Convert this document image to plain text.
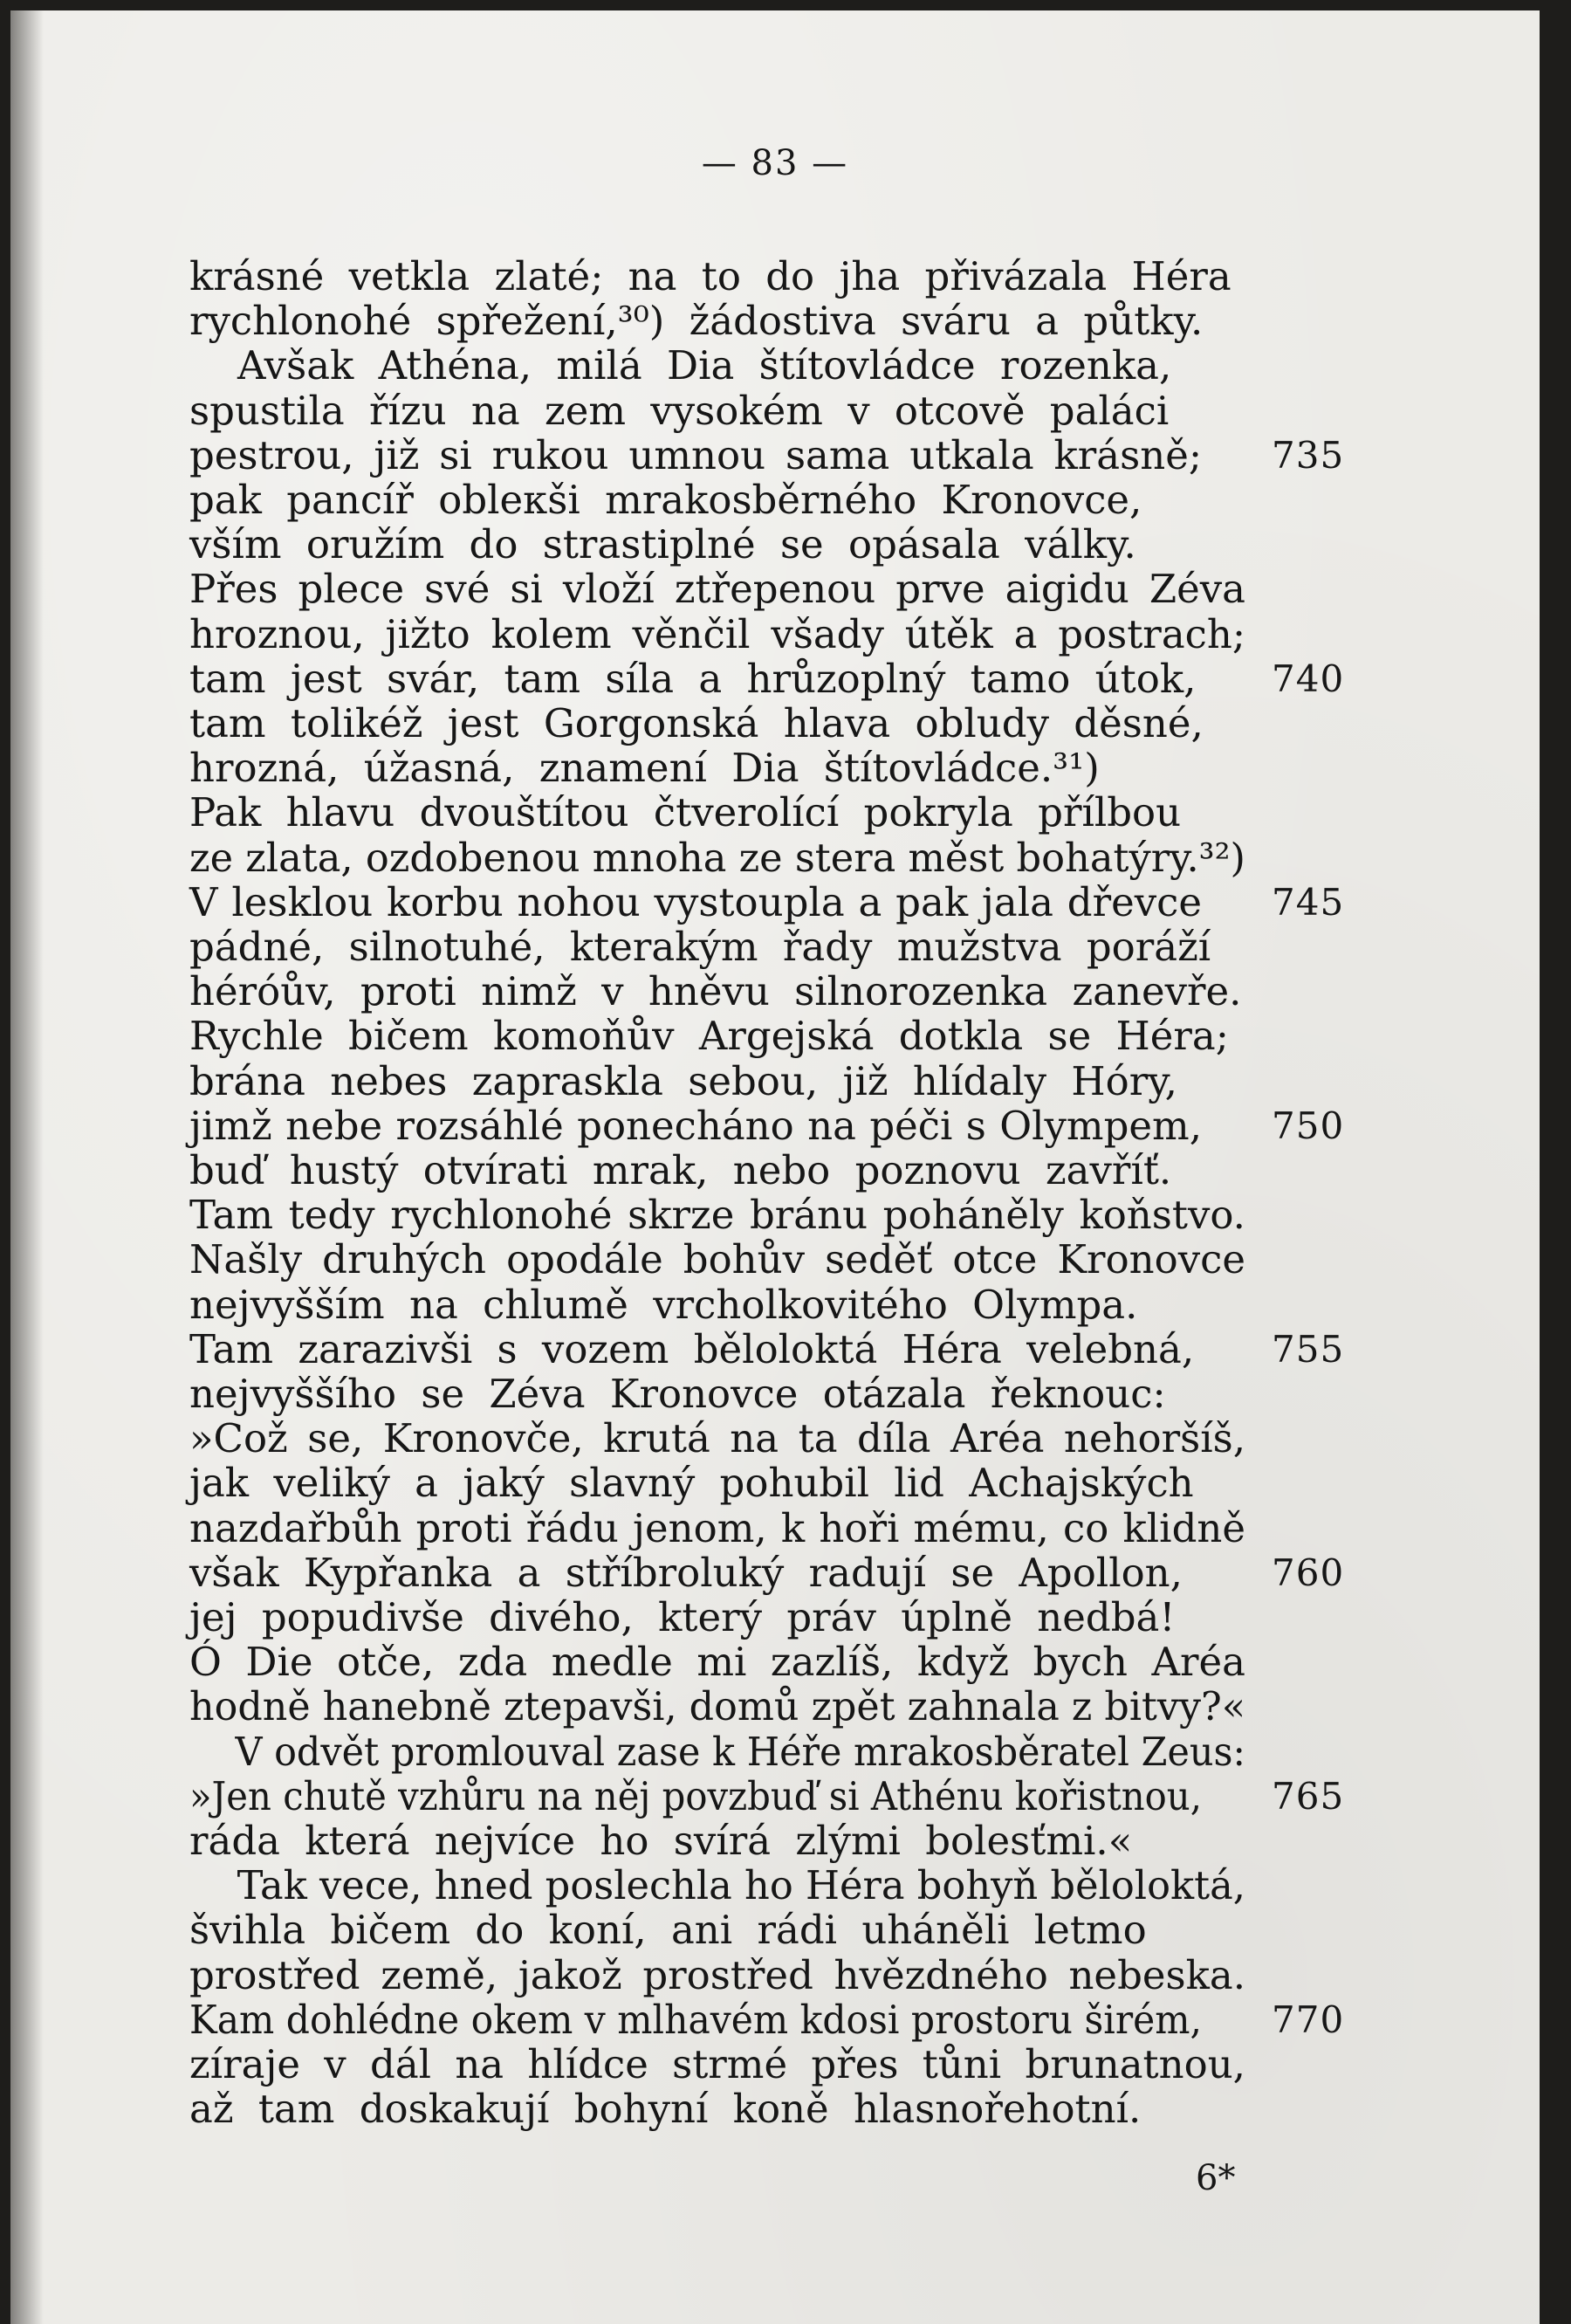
— 83 —
krásné vetkla zlaté; na to do jha přivázala Héra
rychlonohé spřežení,³⁰) žádostiva sváru a půtky.
Avšak Athéna, milá Dia štítovládce rozenka,
spustila řízu na zem vysokém v otcově paláci
pestrou, již si rukou umnou sama utkala krásně; 735
pak pancíř obleкši mrakosběrného Kronovce,
vším oružím do strastiplné se opásala války.
Přes plece své si vloží ztřepenou prve aigidu Zéva
hroznou, jižto kolem věnčil všady útěk a postrach;
tam jest svár, tam síla a hrůzoplný tamo útok, 740
tam tolikéž jest Gorgonská hlava obludy děsné,
hrozná, úžasná, znamení Dia štítovládce.³¹)
Pak hlavu dvouštítou čtverolící pokryla přílbou
ze zlata, ozdobenou mnoha ze stera měst bohatýry.³²)
V lesklou korbu nohou vystoupla a pak jala dřevce 745
pádné, silnotuhé, kterakým řady mužstva poráží
héróův, proti nimž v hněvu silnorozenka zanevře.
Rychle bičem komoňův Argejská dotkla se Héra;
brána nebes zapraskla sebou, již hlídaly Hóry,
jimž nebe rozsáhlé ponecháno na péči s Olympem, 750
buď hustý otvírati mrak, nebo poznovu zavříť.
Tam tedy rychlonohé skrze bránu poháněly koňstvo.
Našly druhých opodále bohův seděť otce Kronovce
nejvyšším na chlumě vrcholkovitého Olympa.
Tam zarazivši s vozem bělolоktá Héra velebná, 755
nejvyššího se Zéva Kronovce otázala řeknouc:
»Což se, Kronovče, krutá na ta díla Aréa nehoršíš,
jak veliký a jaký slavný pohubil lid Achajských
nazdařbůh proti řádu jenom, k hoři mému, co klidně
však Kypřanka a stříbroluký radují se Apollon, 760
jej popudivše divého, který práv úplně nedbá!
Ó Die otče, zda medle mi zazlíš, když bych Aréa
hodně hanebně ztepavši, domů zpět zahnala z bitvy?«
V odvět promlouval zase k Héře mrakosběratel Zeus:
»Jen chutě vzhůru na něj povzbuď si Athénu kořistnou, 765
ráda která nejvíce ho svírá zlými bolesťmi.«
Tak vece, hned poslechla ho Héra bohyň bělolоktá,
švihla bičem do koní, ani rádi uháněli letmo
prostřed země, jakož prostřed hvězdného nebeska.
Kam dohlédne okem v mlhavém kdosi prostoru širém, 770
zíraje v dál na hlídce strmé přes tůni brunatnou,
až tam doskakují bohyní koně hlasnořehotní.
6*
